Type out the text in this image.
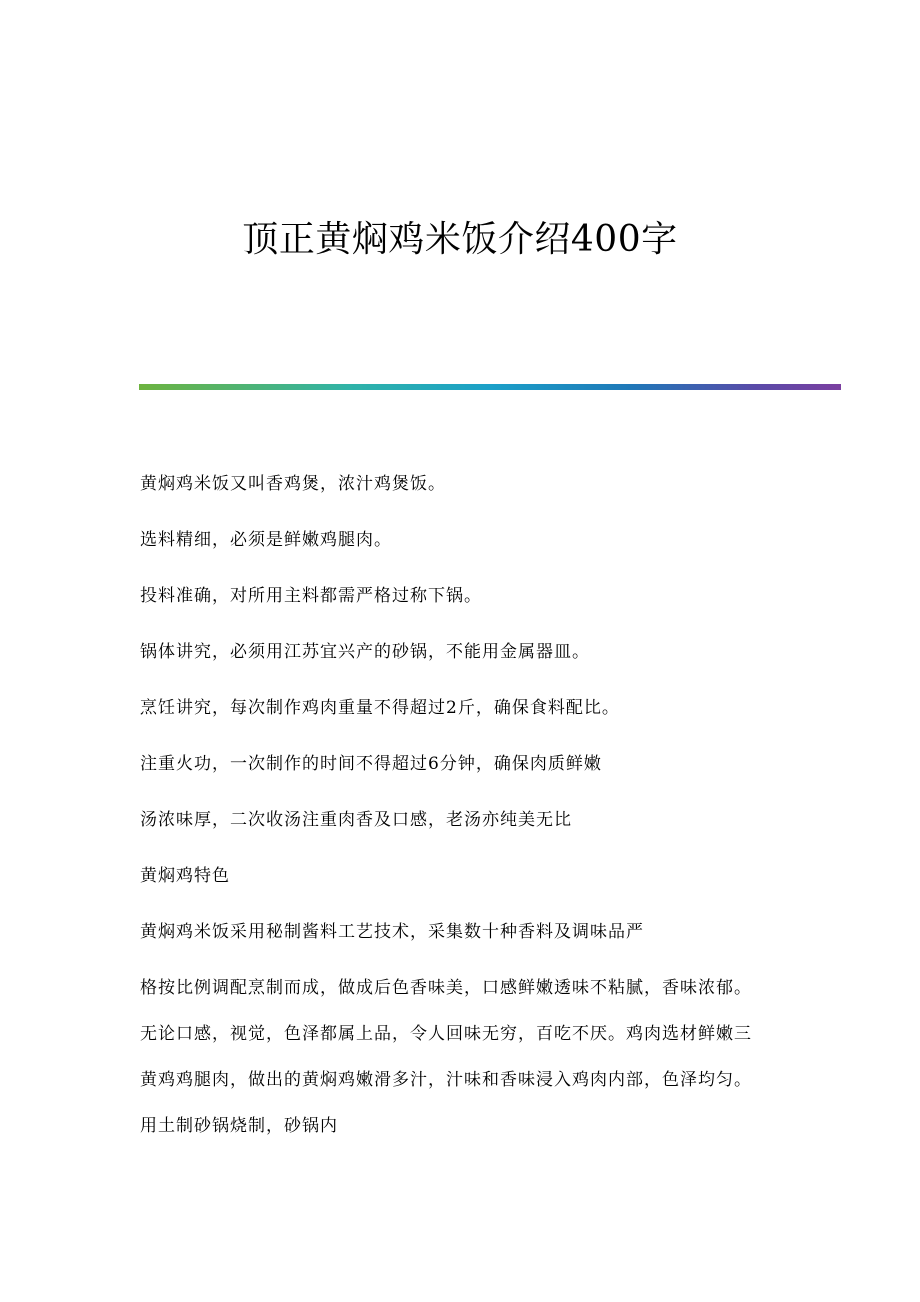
顶正黄焖鸡米饭介绍400字
黄焖鸡米饭又叫香鸡煲，浓汁鸡煲饭。
选料精细，必须是鲜嫩鸡腿肉。
投料准确，对所用主料都需严格过称下锅。
锅体讲究，必须用江苏宜兴产的砂锅，不能用金属器皿。
烹饪讲究，每次制作鸡肉重量不得超过2斤，确保食料配比。
注重火功，一次制作的时间不得超过6分钟，确保肉质鲜嫩
汤浓味厚，二次收汤注重肉香及口感，老汤亦纯美无比
黄焖鸡特色
黄焖鸡米饭采用秘制酱料工艺技术，采集数十种香料及调味品严
格按比例调配烹制而成，做成后色香味美，口感鲜嫩透味不粘腻，香味浓郁。
无论口感，视觉，色泽都属上品，令人回味无穷，百吃不厌。鸡肉选材鲜嫩三
黄鸡鸡腿肉，做出的黄焖鸡嫩滑多汁，汁味和香味浸入鸡肉内部，色泽均匀。
用土制砂锅烧制，砂锅内
